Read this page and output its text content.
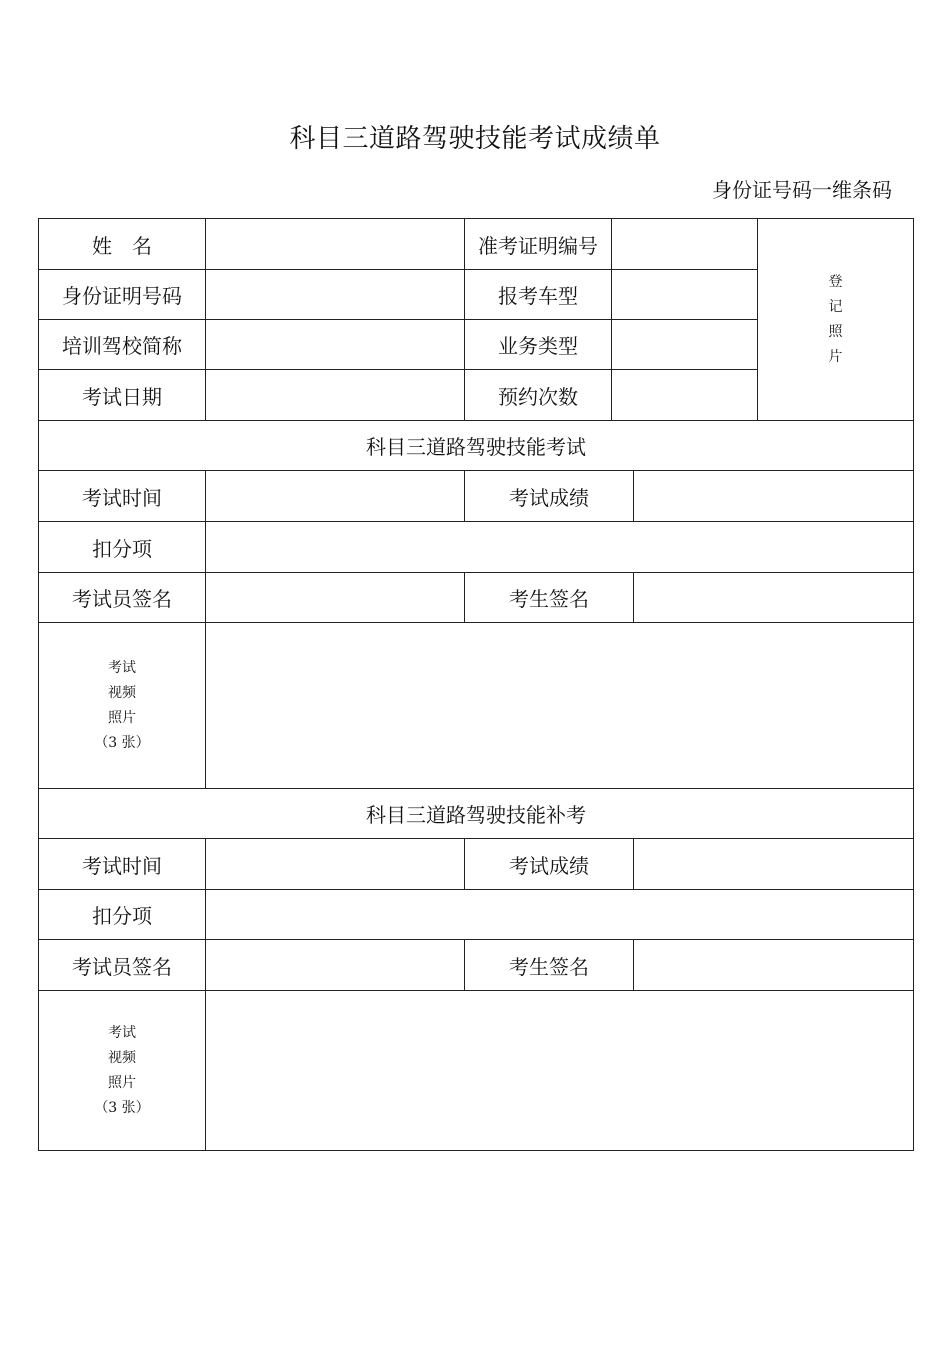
科目三道路驾驶技能考试成绩单
身份证号码一维条码
姓　名		准考证明编号			登
记
照
片

身份证明号码		报考车型			
培训驾校简称		业务类型			
考试日期		预约次数			
科目三道路驾驶技能考试					
考试时间		考试成绩			
扣分项					
考试员签名		考生签名			

考试
视频
照片
（3 张）					

科目三道路驾驶技能补考					
考试时间		考试成绩			
扣分项					
考试员签名		考生签名			

考试
视频
照片
（3 张）					
